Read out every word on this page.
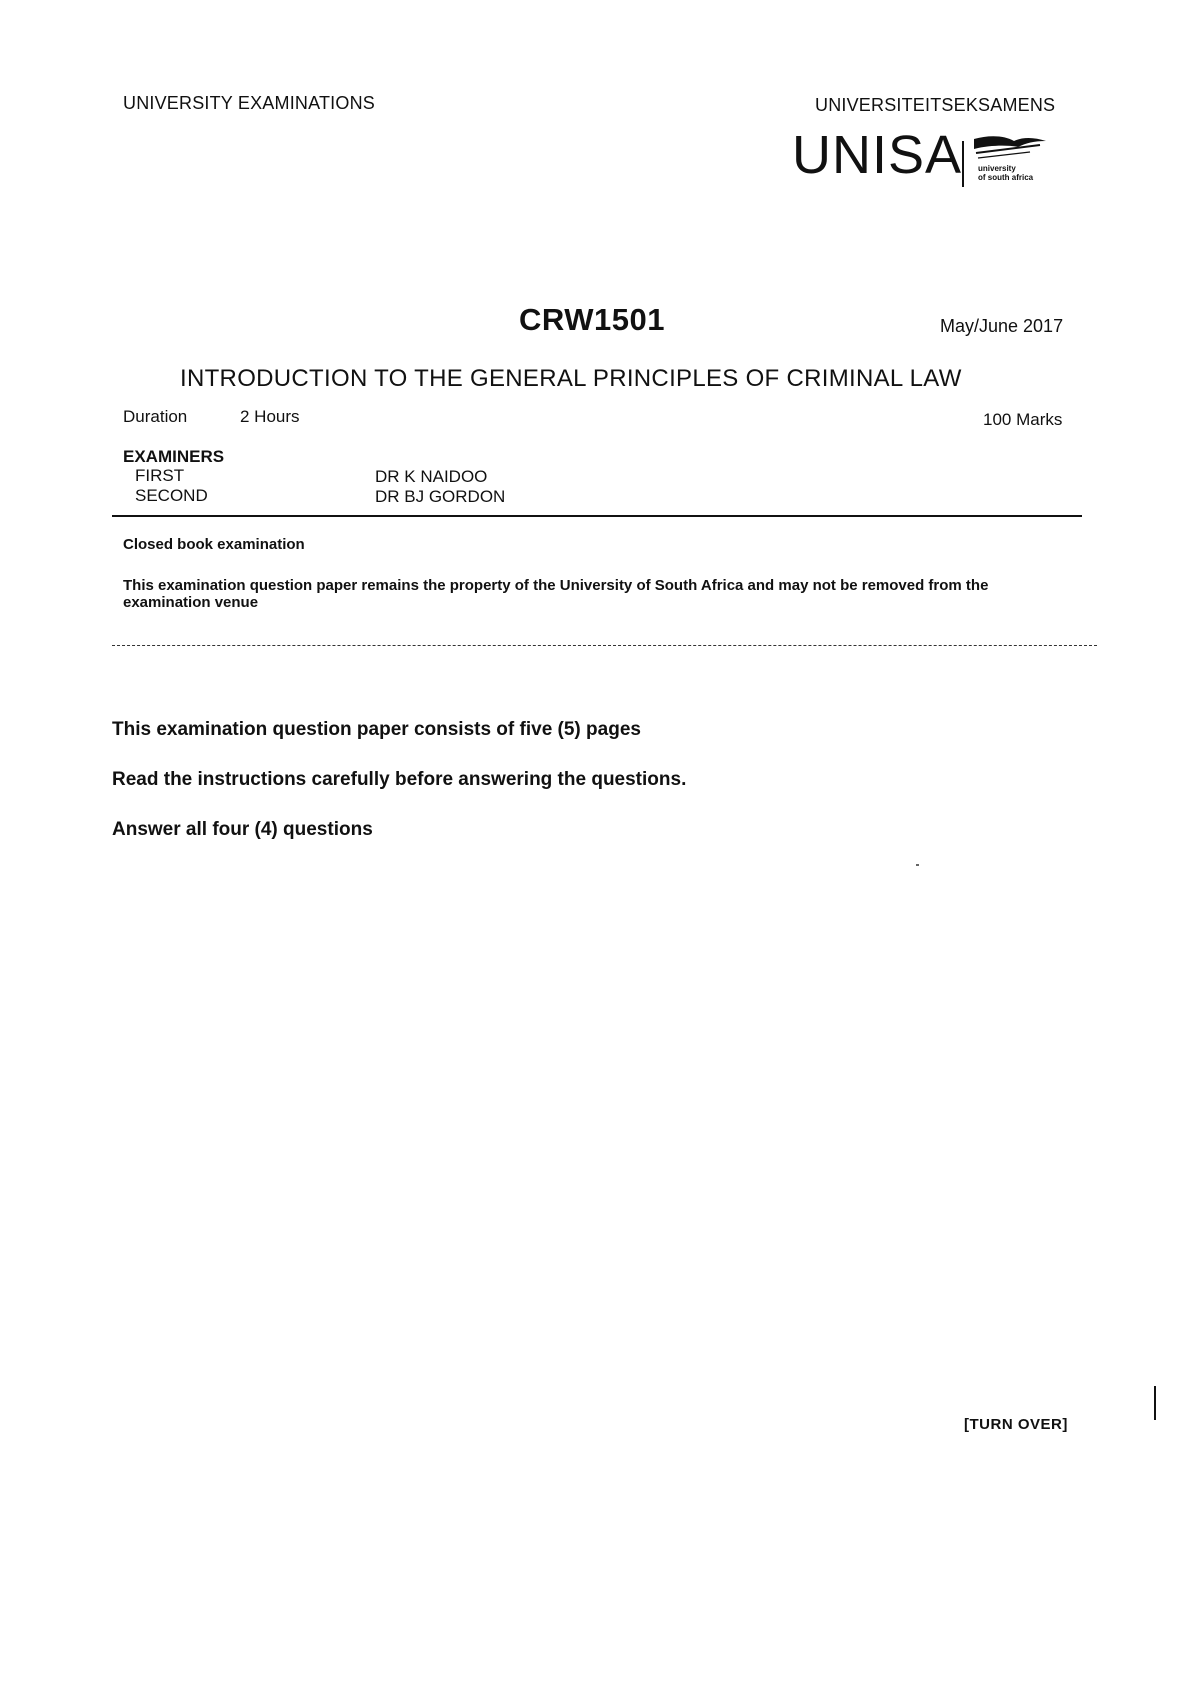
UNIVERSITY EXAMINATIONS	UNIVERSITEITSEKSAMENS
UNISA university
of south africa
CRW1501	May/June 2017
INTRODUCTION TO THE GENERAL PRINCIPLES OF CRIMINAL LAW
Duration	2 Hours	100 Marks
EXAMINERS
FIRST	DR K NAIDOO
SECOND	DR BJ GORDON
Closed book examination
This examination question paper remains the property of the University of South Africa and may not be removed from the examination venue
This examination question paper consists of five (5) pages
Read the instructions carefully before answering the questions.
Answer all four (4) questions
[TURN OVER]
